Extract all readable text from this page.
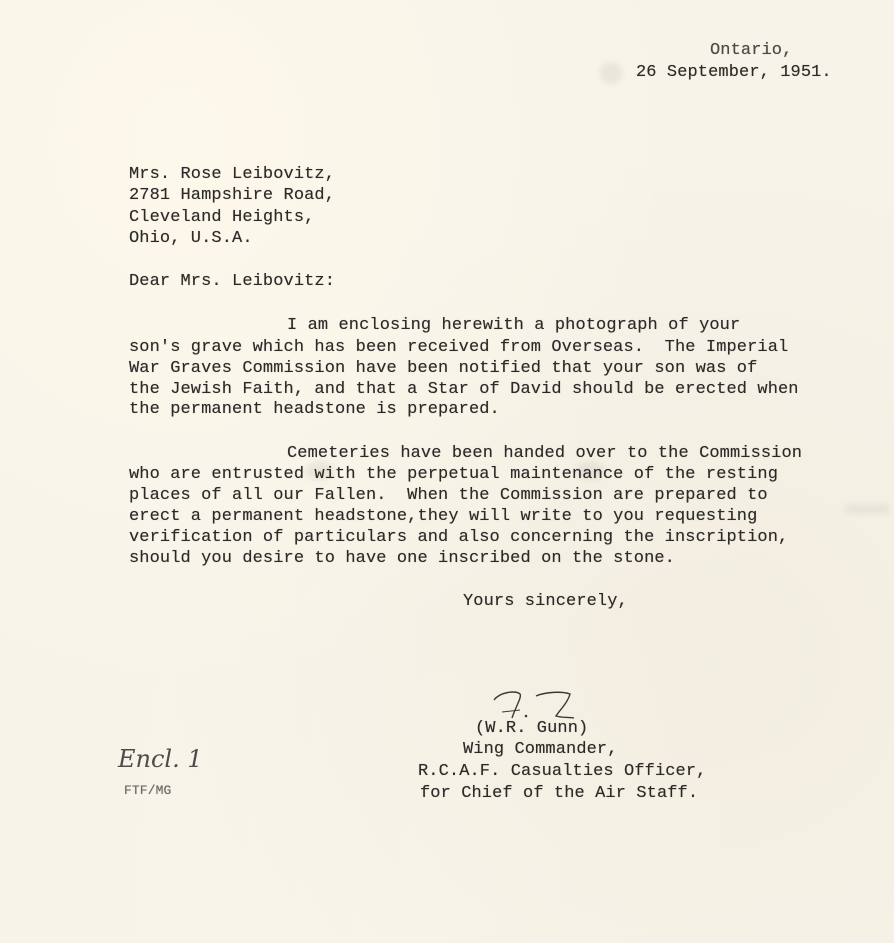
Ontario,
26 September, 1951.
Mrs. Rose Leibovitz,
2781 Hampshire Road,
Cleveland Heights,
Ohio, U.S.A.
Dear Mrs. Leibovitz:
I am enclosing herewith a photograph of your
son's grave which has been received from Overseas.  The Imperial
War Graves Commission have been notified that your son was of
the Jewish Faith, and that a Star of David should be erected when
the permanent headstone is prepared.
Cemeteries have been handed over to the Commission
who are entrusted with the perpetual maintenance of the resting
places of all our Fallen.  When the Commission are prepared to
erect a permanent headstone,they will write to you requesting
verification of particulars and also concerning the inscription,
should you desire to have one inscribed on the stone.
Yours sincerely,
(W.R. Gunn)
Wing Commander,
R.C.A.F. Casualties Officer,
for Chief of the Air Staff.
Encl. 1
FTF/MG
